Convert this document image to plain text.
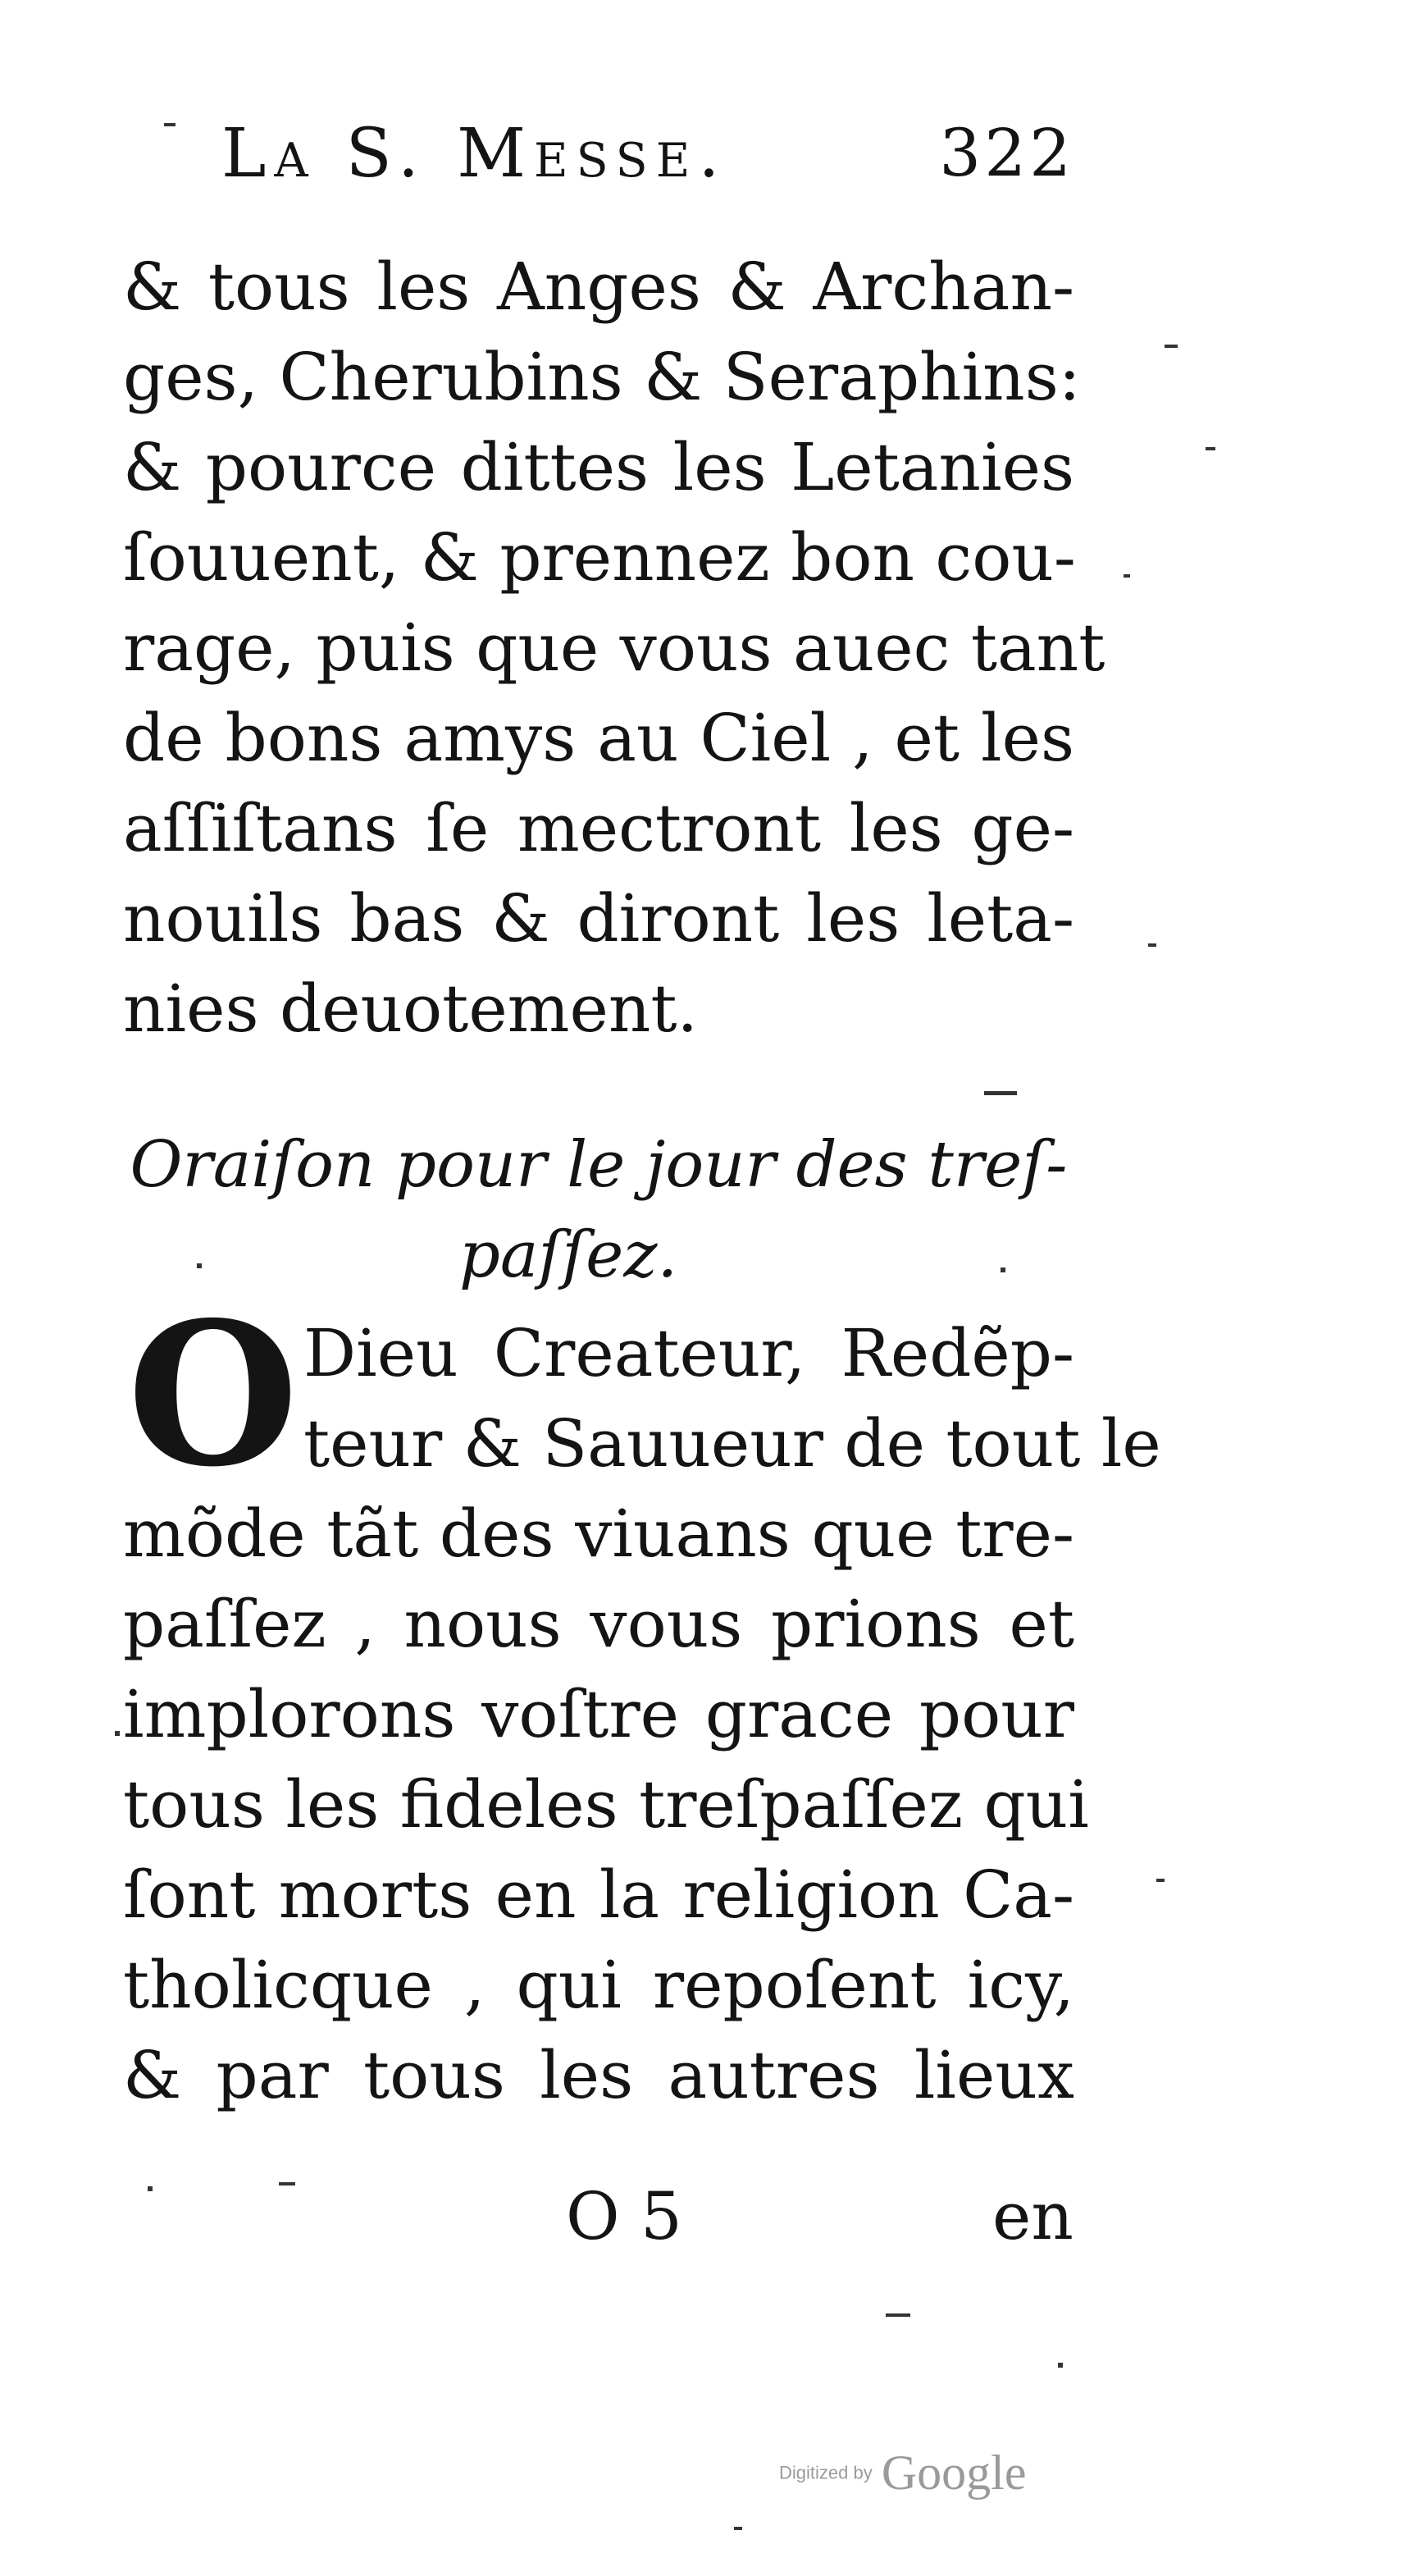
La S. Messe.	322
& tous les Anges & Archan-
ges, Cherubins & Seraphins:
& pource dittes les Letanies
ſouuent, & prennez bon cou-
rage, puis que vous auec tant
de bons amys au Ciel , et les
aſſiſtans ſe mectront les ge-
nouils bas & diront les leta-
nies deuotement.
Oraiſon pour le jour des treſ-
paſſez.
O Dieu Createur, Redẽp-
teur & Sauueur de tout le
mõde tãt des viuans que tre-
paſſez , nous vous prions et
implorons voſtre grace pour
tous les fideles treſpaſſez qui
ſont morts en la religion Ca-
tholicque , qui repoſent icy,
& par tous les autres lieux
O 5	en
Digitized by Google
